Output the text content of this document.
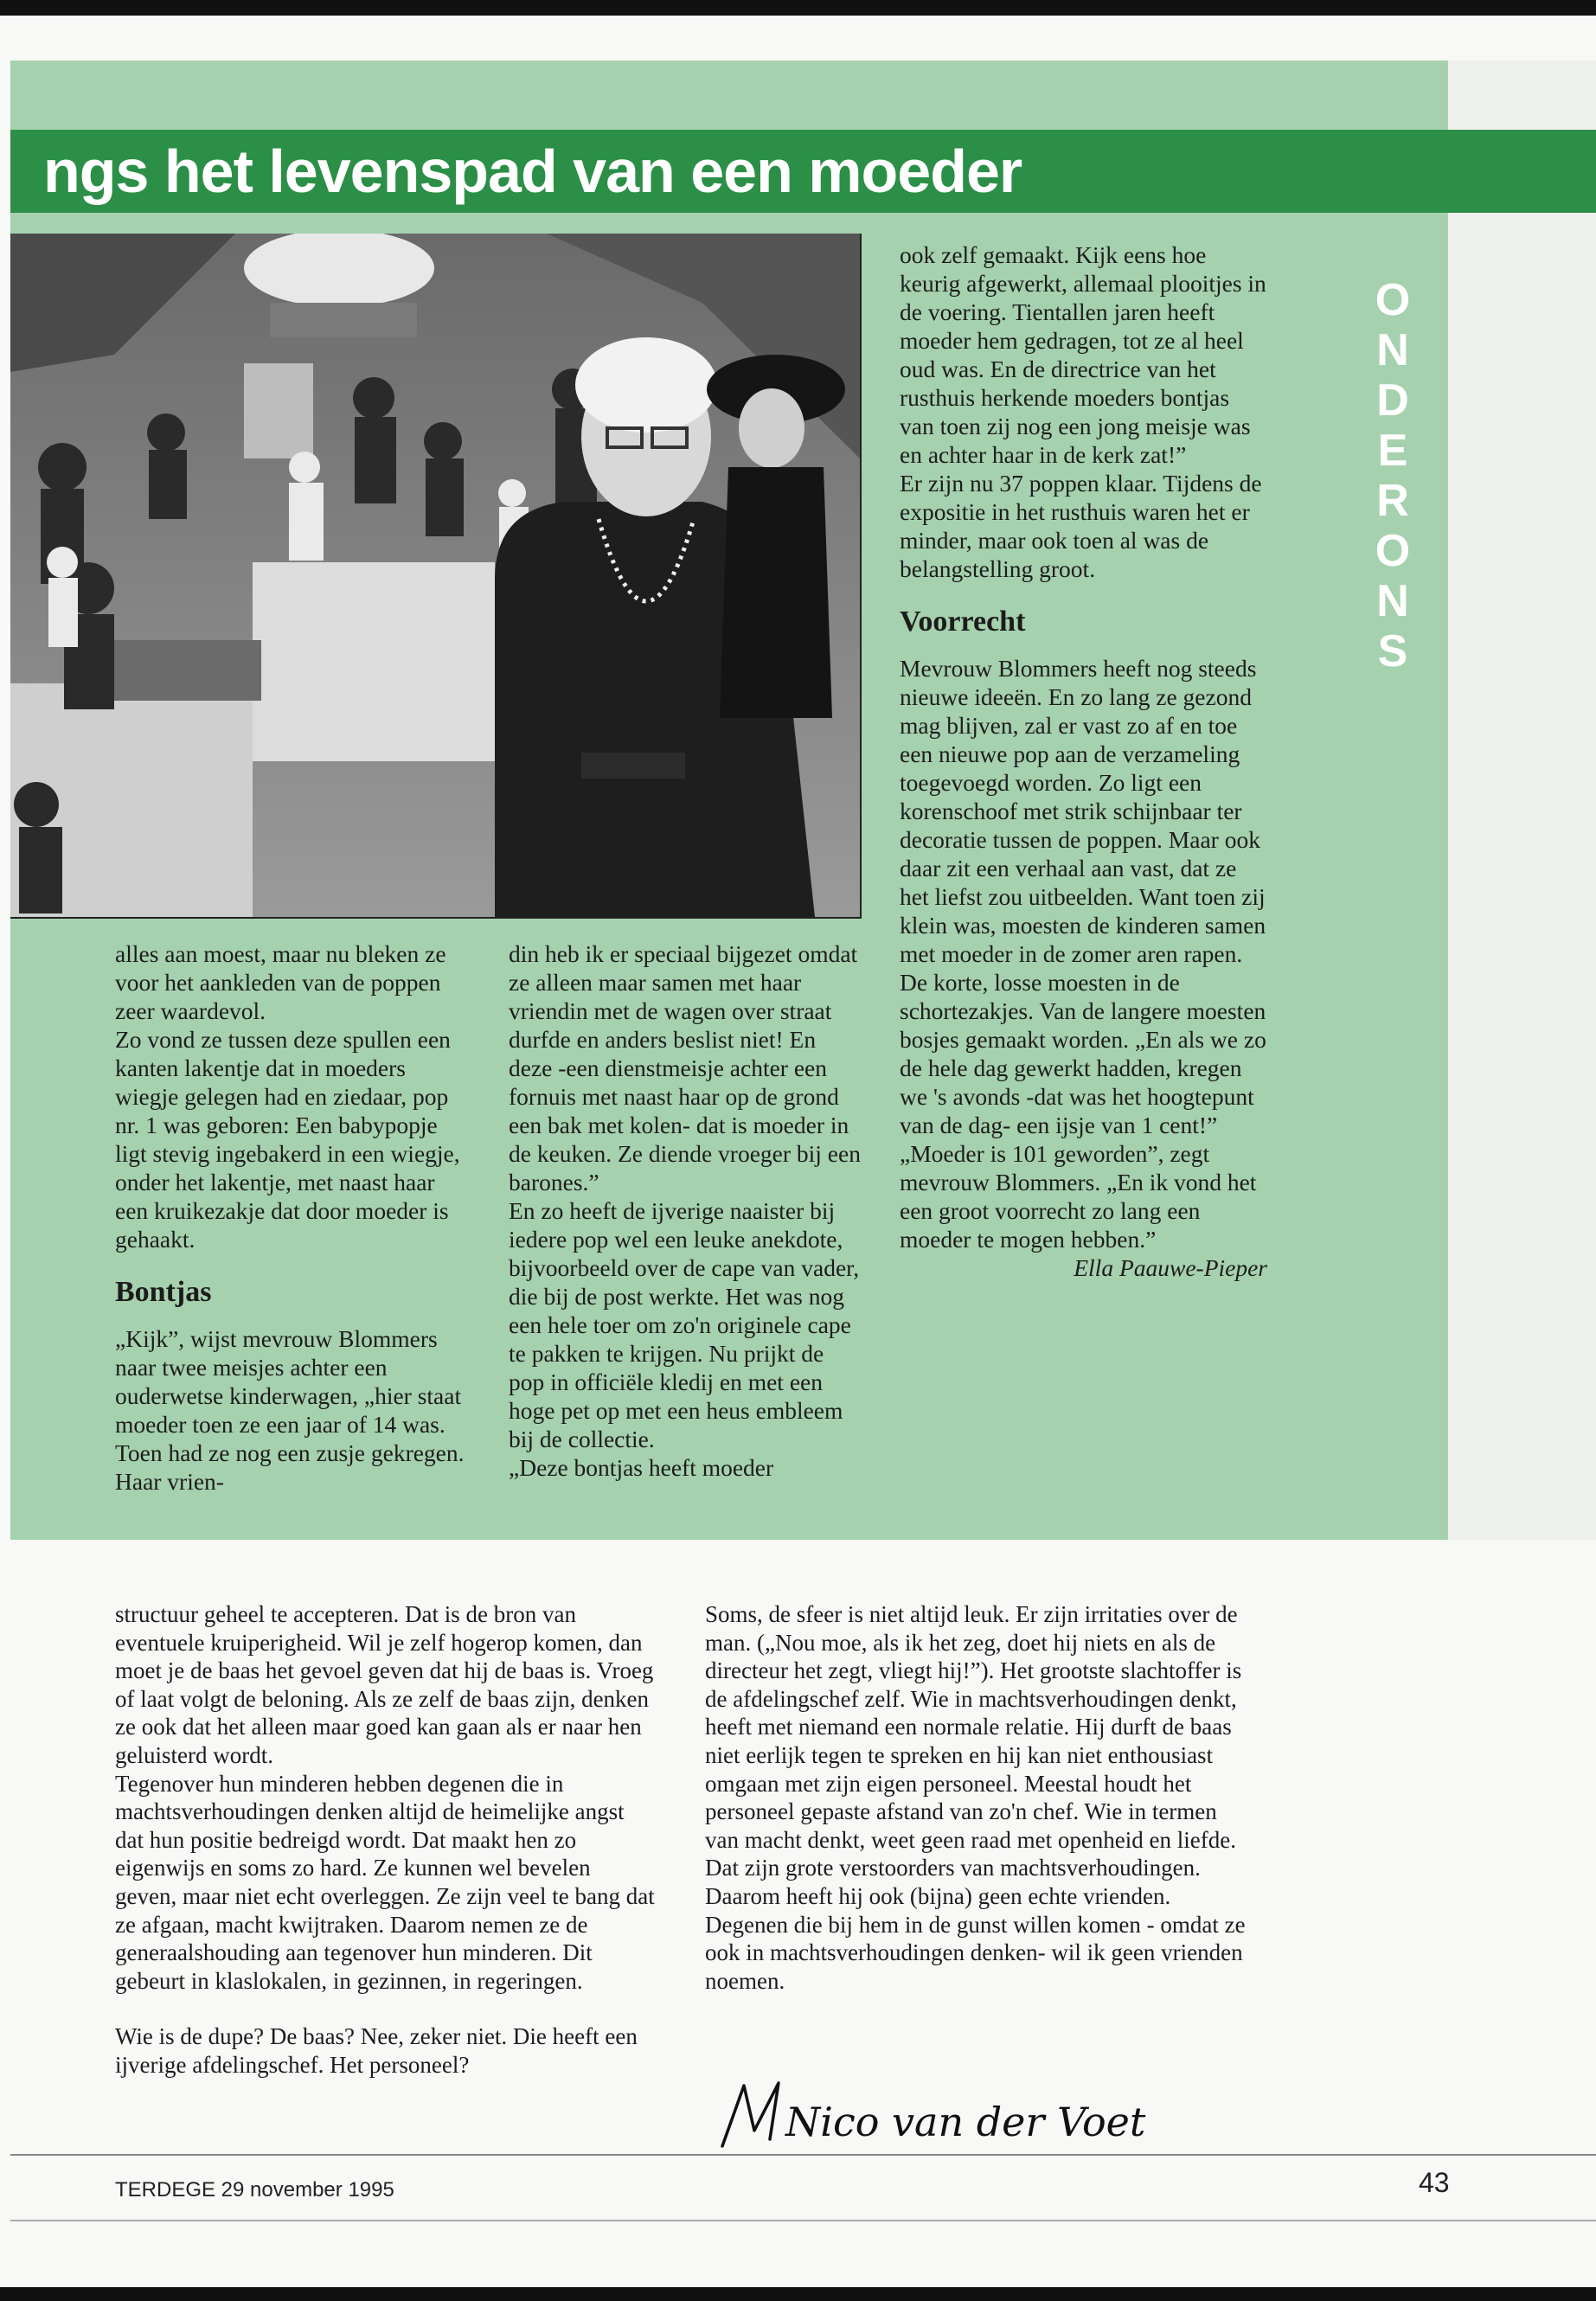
ngs het levenspad van een moeder
O
N
D
E
R
O
N
S

alles aan moest, maar nu bleken ze voor het aankleden van de poppen zeer waardevol.

Zo vond ze tussen deze spullen een kanten lakentje dat in moeders wiegje gelegen had en ziedaar, pop nr. 1 was geboren: Een babypopje ligt stevig ingebakerd in een wiegje, onder het lakentje, met naast haar een kruikezakje dat door moeder is gehaakt.

Bontjas

„Kijk”, wijst mevrouw Blommers naar twee meisjes achter een ouderwetse kinderwagen, „hier staat moeder toen ze een jaar of 14 was. Toen had ze nog een zusje gekregen. Haar vrien-

din heb ik er speciaal bijgezet omdat ze alleen maar samen met haar vriendin met de wagen over straat durfde en anders beslist niet! En deze -een dienstmeisje achter een fornuis met naast haar op de grond een bak met kolen- dat is moeder in de keuken. Ze diende vroeger bij een barones.”

En zo heeft de ijverige naaister bij iedere pop wel een leuke anekdote, bijvoorbeeld over de cape van vader, die bij de post werkte. Het was nog een hele toer om zo'n originele cape te pakken te krijgen. Nu prijkt de pop in officiële kledij en met een hoge pet op met een heus embleem bij de collectie.

„Deze bontjas heeft moeder

ook zelf gemaakt. Kijk eens hoe keurig afgewerkt, allemaal plooitjes in de voering. Tientallen jaren heeft moeder hem gedragen, tot ze al heel oud was. En de directrice van het rusthuis herkende moeders bontjas van toen zij nog een jong meisje was en achter haar in de kerk zat!”

Er zijn nu 37 poppen klaar. Tijdens de expositie in het rusthuis waren het er minder, maar ook toen al was de belangstelling groot.

Voorrecht

Mevrouw Blommers heeft nog steeds nieuwe ideeën. En zo lang ze gezond mag blijven, zal er vast zo af en toe een nieuwe pop aan de verzameling toegevoegd worden. Zo ligt een korenschoof met strik schijnbaar ter decoratie tussen de poppen. Maar ook daar zit een verhaal aan vast, dat ze het liefst zou uitbeelden. Want toen zij klein was, moesten de kinderen samen met moeder in de zomer aren rapen. De korte, losse moesten in de schortezakjes. Van de langere moesten bosjes gemaakt worden. „En als we zo de hele dag gewerkt hadden, kregen we 's avonds -dat was het hoogtepunt van de dag- een ijsje van 1 cent!”

„Moeder is 101 geworden”, zegt mevrouw Blommers. „En ik vond het een groot voorrecht zo lang een moeder te mogen hebben.”

Ella Paauwe-Pieper

structuur geheel te accepteren. Dat is de bron van eventuele kruiperigheid. Wil je zelf hogerop komen, dan moet je de baas het gevoel geven dat hij de baas is. Vroeg of laat volgt de beloning. Als ze zelf de baas zijn, denken ze ook dat het alleen maar goed kan gaan als er naar hen geluisterd wordt.

Tegenover hun minderen hebben degenen die in machtsverhoudingen denken altijd de heimelijke angst dat hun positie bedreigd wordt. Dat maakt hen zo eigenwijs en soms zo hard. Ze kunnen wel bevelen geven, maar niet echt overleggen. Ze zijn veel te bang dat ze afgaan, macht kwijtraken. Daarom nemen ze de generaalshouding aan tegenover hun minderen. Dit gebeurt in klaslokalen, in gezinnen, in regeringen.

Wie is de dupe? De baas? Nee, zeker niet. Die heeft een ijverige afdelingschef. Het personeel?

Soms, de sfeer is niet altijd leuk. Er zijn irritaties over de man. („Nou moe, als ik het zeg, doet hij niets en als de directeur het zegt, vliegt hij!”). Het grootste slachtoffer is de afdelingschef zelf. Wie in machtsverhoudingen denkt, heeft met niemand een normale relatie. Hij durft de baas niet eerlijk tegen te spreken en hij kan niet enthousiast omgaan met zijn eigen personeel. Meestal houdt het personeel gepaste afstand van zo'n chef. Wie in termen van macht denkt, weet geen raad met openheid en liefde. Dat zijn grote verstoorders van machtsverhoudingen. Daarom heeft hij ook (bijna) geen echte vrienden. Degenen die bij hem in de gunst willen komen - omdat ze ook in machtsverhoudingen denken- wil ik geen vrienden noemen.

Nico van der Voet
TERDEGE 29 november 1995	43
